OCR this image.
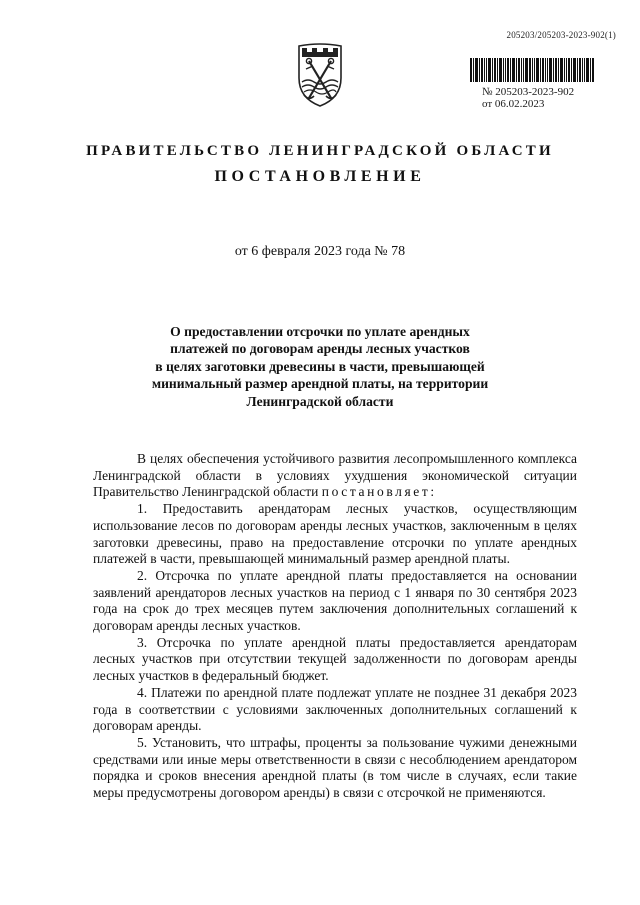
205203/205203-2023-902(1)
№ 205203-2023-902
от 06.02.2023
ПРАВИТЕЛЬСТВО ЛЕНИНГРАДСКОЙ ОБЛАСТИ
ПОСТАНОВЛЕНИЕ
от 6 февраля 2023 года № 78
О предоставлении отсрочки по уплате арендных
платежей по договорам аренды лесных участков
в целях заготовки древесины в части, превышающей
минимальный размер арендной платы, на территории
Ленинградской области

В целях обеспечения устойчивого развития лесопромышленного комплекса Ленинградской области в условиях ухудшения экономической ситуации Правительство Ленинградской области постановляет:

1. Предоставить арендаторам лесных участков, осуществляющим использование лесов по договорам аренды лесных участков, заключенным в целях заготовки древесины, право на предоставление отсрочки по уплате арендных платежей в части, превышающей минимальный размер арендной платы.

2. Отсрочка по уплате арендной платы предоставляется на основании заявлений арендаторов лесных участков на период с 1 января по 30 сентября 2023 года на срок до трех месяцев путем заключения дополнительных соглашений к договорам аренды лесных участков.

3. Отсрочка по уплате арендной платы предоставляется арендаторам лесных участков при отсутствии текущей задолженности по договорам аренды лесных участков в федеральный бюджет.

4. Платежи по арендной плате подлежат уплате не позднее 31 декабря 2023 года в соответствии с условиями заключенных дополнительных соглашений к договорам аренды.

5. Установить, что штрафы, проценты за пользование чужими денежными средствами или иные меры ответственности в связи с несоблюдением арендатором порядка и сроков внесения арендной платы (в том числе в случаях, если такие меры предусмотрены договором аренды) в связи с отсрочкой не применяются.
